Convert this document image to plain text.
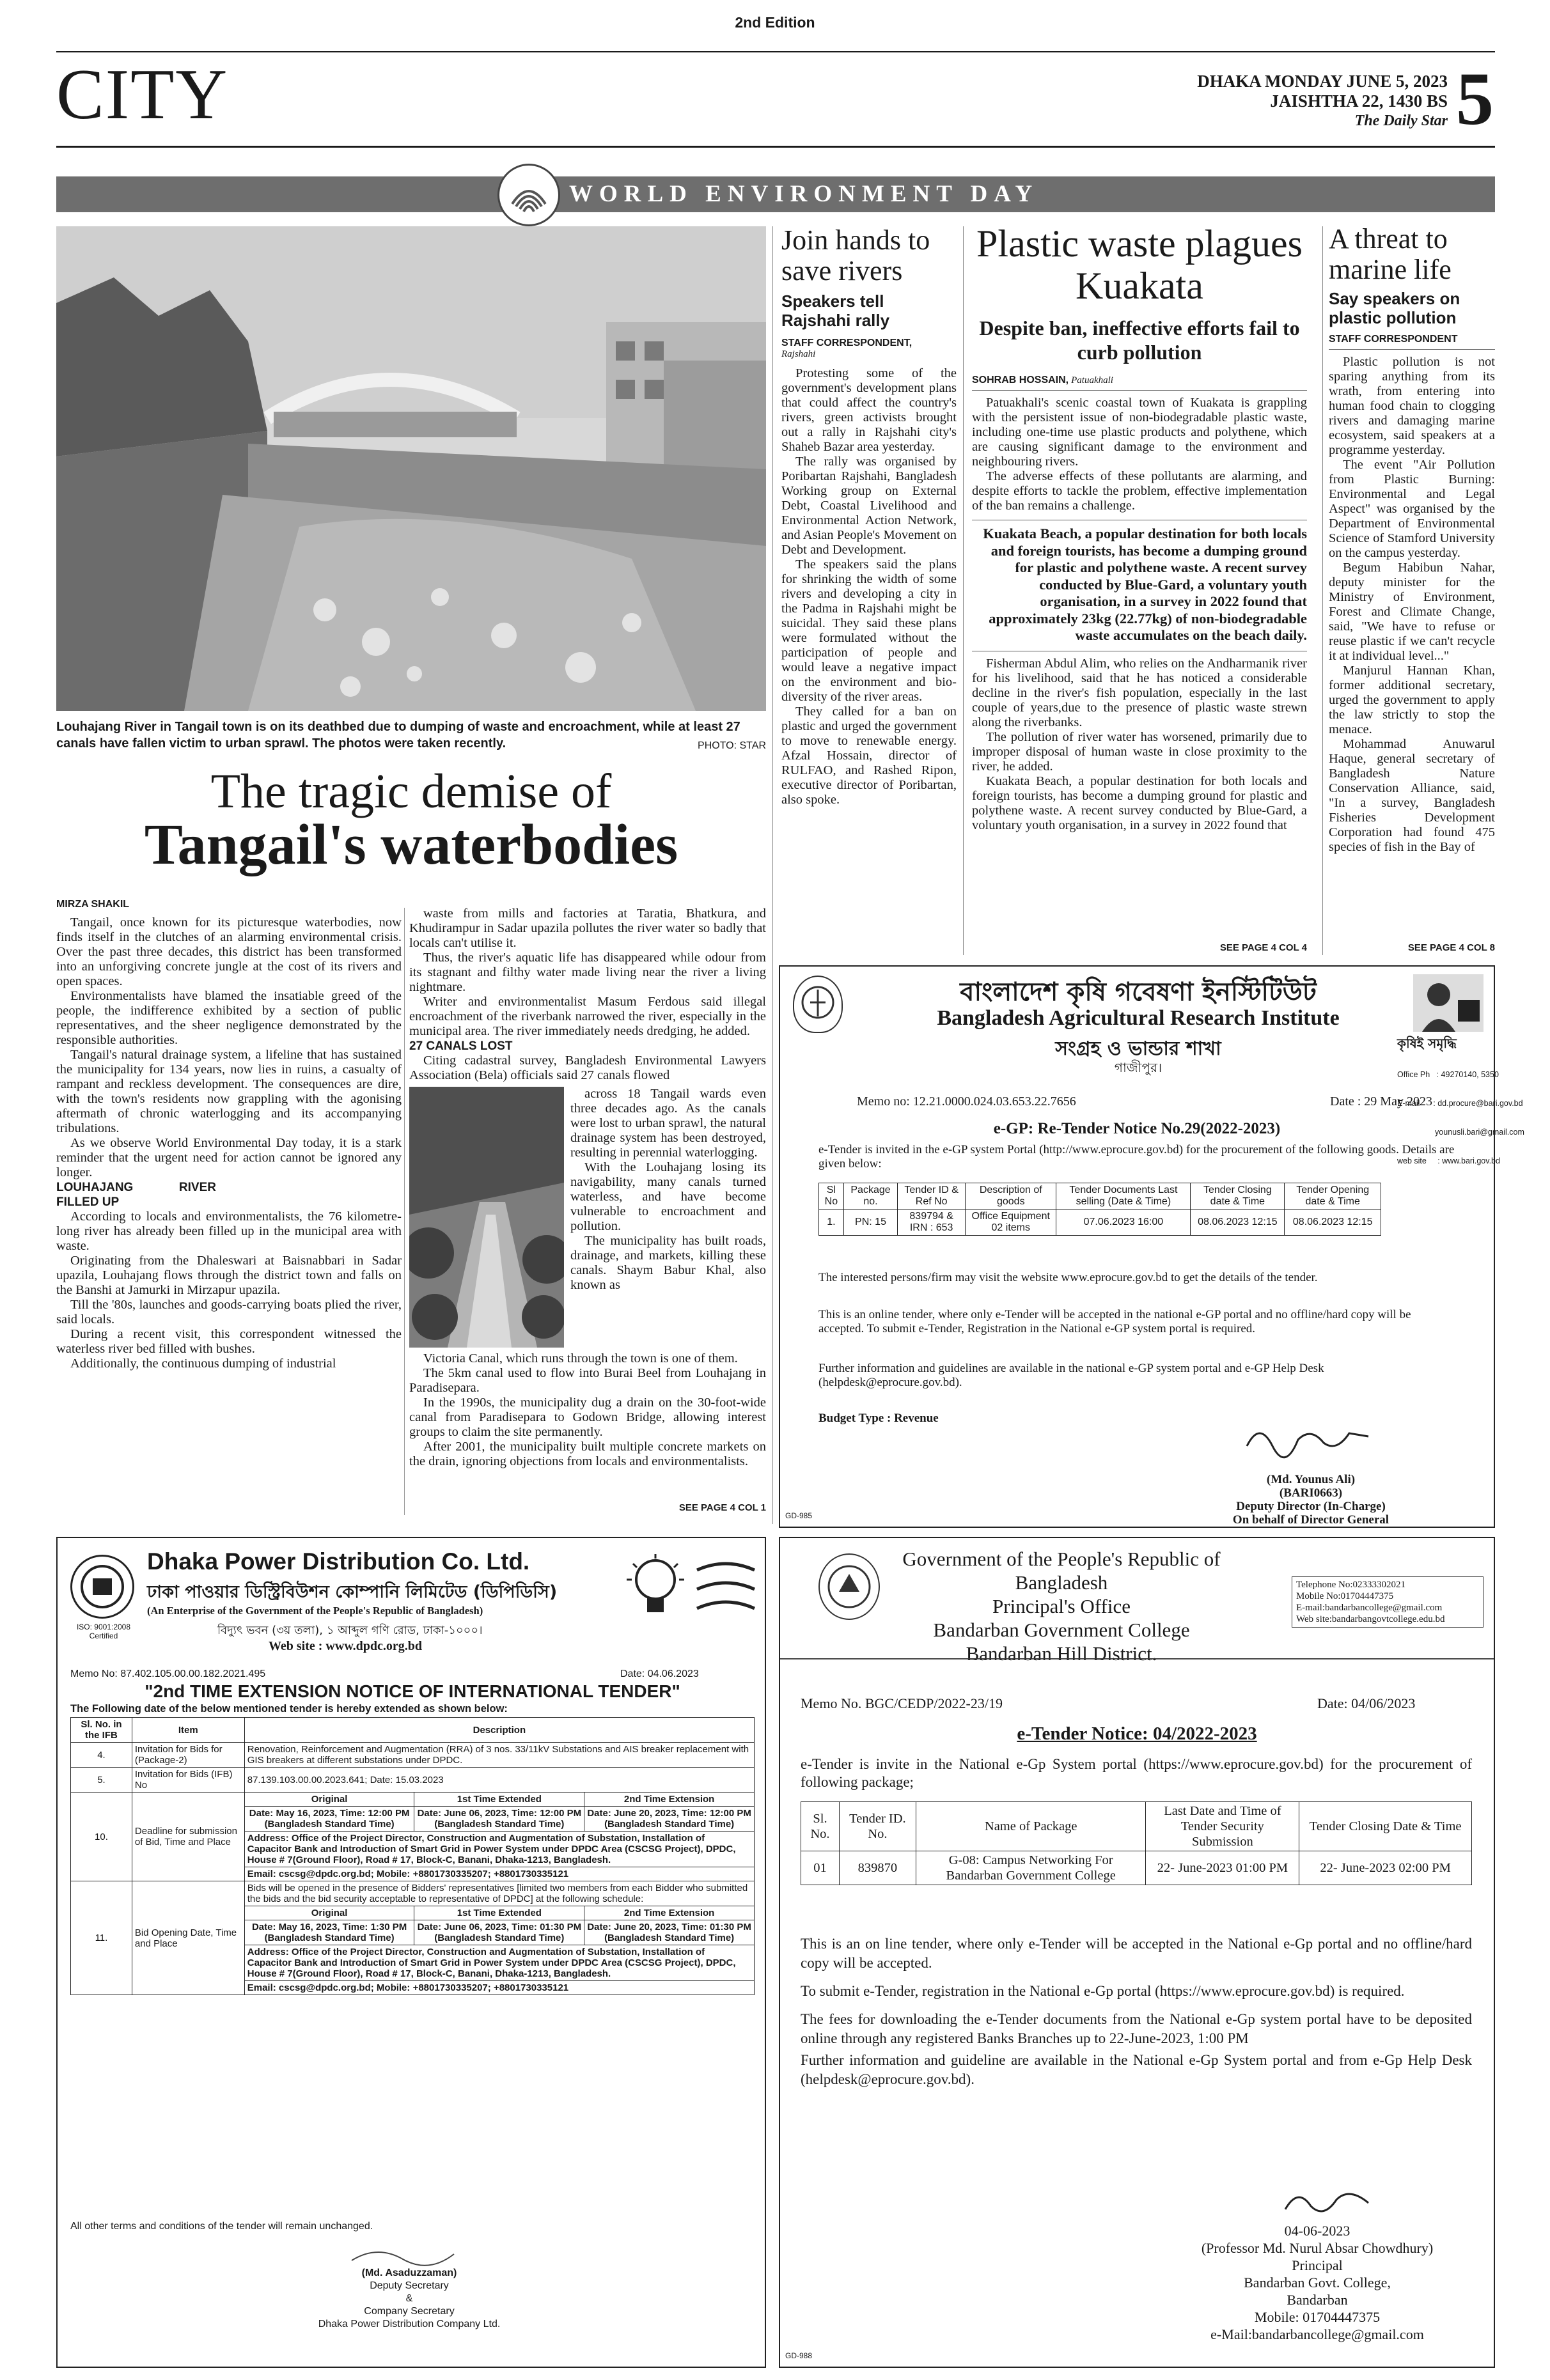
2nd Edition
CITY	DHAKA MONDAY JUNE 5, 2023
JAISHTHA 22, 1430 BS
The Daily Star 5
WORLD ENVIRONMENT DAY
Louhajang River in Tangail town is on its deathbed due to dumping of waste and encroachment, while at least 27 canals have fallen victim to urban sprawl. The photos were taken recently.	PHOTO: STAR
The tragic demise of
Tangail's waterbodies
MIRZA SHAKIL

Tangail, once known for its picturesque waterbodies, now finds itself in the clutches of an alarming environmental crisis. Over the past three decades, this district has been transformed into an unforgiving concrete jungle at the cost of its rivers and open spaces.

Environmentalists have blamed the insatiable greed of the people, the indifference exhibited by a section of public representatives, and the sheer negligence demonstrated by the responsible authorities.

Tangail's natural drainage system, a lifeline that has sustained the municipality for 134 years, now lies in ruins, a casualty of rampant and reckless development. The consequences are dire, with the town's residents now grappling with the agonising aftermath of chronic waterlogging and its accompanying tribulations.

As we observe World Environmental Day today, it is a stark reminder that the urgent need for action cannot be ignored any longer.

LOUHAJANG RIVER FILLED UP

According to locals and environmentalists, the 76 kilometre-long river has already been filled up in the municipal area with waste.

Originating from the Dhaleswari at Baisnabbari in Sadar upazila, Louhajang flows through the district town and falls on the Banshi at Jamurki in Mirzapur upazila.

Till the '80s, launches and goods-carrying boats plied the river, said locals.

During a recent visit, this correspondent witnessed the waterless river bed filled with bushes.

Additionally, the continuous dumping of industrial

waste from mills and factories at Taratia, Bhatkura, and Khudirampur in Sadar upazila pollutes the river water so badly that locals can't utilise it.

Thus, the river's aquatic life has disappeared while odour from its stagnant and filthy water made living near the river a living nightmare.

Writer and environmentalist Masum Ferdous said illegal encroachment of the riverbank narrowed the river, especially in the municipal area. The river immediately needs dredging, he added.

27 CANALS LOST

Citing cadastral survey, Bangladesh Environmental Lawyers Association (Bela) officials said 27 canals flowed

across 18 Tangail wards even three decades ago. As the canals were lost to urban sprawl, the natural drainage system has been destroyed, resulting in perennial waterlogging.

With the Louhajang losing its navigability, many canals turned waterless, and have become vulnerable to encroachment and pollution.

The municipality has built roads, drainage, and markets, killing these canals. Shaym Babur Khal, also known as

Victoria Canal, which runs through the town is one of them.

The 5km canal used to flow into Burai Beel from Louhajang in Paradisepara.

In the 1990s, the municipality dug a drain on the 30-foot-wide canal from Paradisepara to Godown Bridge, allowing interest groups to claim the site permanently.

After 2001, the municipality built multiple concrete markets on the drain, ignoring objections from locals and environmentalists.

SEE PAGE 4 COL 1
Join hands to save rivers
Speakers tell Rajshahi rally
STAFF CORRESPONDENT,
Rajshahi

Protesting some of the government's development plans that could affect the country's rivers, green activists brought out a rally in Rajshahi city's Shaheb Bazar area yesterday.

The rally was organised by Poribartan Rajshahi, Bangladesh Working group on External Debt, Coastal Livelihood and Environmental Action Network, and Asian People's Movement on Debt and Development.

The speakers said the plans for shrinking the width of some rivers and developing a city in the Padma in Rajshahi might be suicidal. They said these plans were formulated without the participation of people and would leave a negative impact on the environment and bio-diversity of the river areas.

They called for a ban on plastic and urged the government to move to renewable energy. Afzal Hossain, director of RULFAO, and Rashed Ripon, executive director of Poribartan, also spoke.

Plastic waste plagues Kuakata
Despite ban, ineffective efforts fail to curb pollution
SOHRAB HOSSAIN, Patuakhali

Patuakhali's scenic coastal town of Kuakata is grappling with the persistent issue of non-biodegradable plastic waste, including one-time use plastic products and polythene, which are causing significant damage to the environment and neighbouring rivers.

The adverse effects of these pollutants are alarming, and despite efforts to tackle the problem, effective implementation of the ban remains a challenge.

Kuakata Beach, a popular destination for both locals and foreign tourists, has become a dumping ground for plastic and polythene waste. A recent survey conducted by Blue-Gard, a voluntary youth organisation, in a survey in 2022 found that approximately 23kg (22.77kg) of non-biodegradable waste accumulates on the beach daily.

Fisherman Abdul Alim, who relies on the Andharmanik river for his livelihood, said that he has noticed a considerable decline in the river's fish population, especially in the last couple of years,due to the presence of plastic waste strewn along the riverbanks.

The pollution of river water has worsened, primarily due to improper disposal of human waste in close proximity to the river, he added.

Kuakata Beach, a popular destination for both locals and foreign tourists, has become a dumping ground for plastic and polythene waste. A recent survey conducted by Blue-Gard, a voluntary youth organisation, in a survey in 2022 found that

SEE PAGE 4 COL 4
A threat to marine life
Say speakers on plastic pollution
STAFF CORRESPONDENT

Plastic pollution is not sparing anything from its wrath, from entering into human food chain to clogging rivers and damaging marine ecosystem, said speakers at a programme yesterday.

The event "Air Pollution from Plastic Burning: Environmental and Legal Aspect" was organised by the Department of Environmental Science of Stamford University on the campus yesterday.

Begum Habibun Nahar, deputy minister for the Ministry of Environment, Forest and Climate Change, said, "We have to refuse or reuse plastic if we can't recycle it at individual level..."

Manjurul Hannan Khan, former additional secretary, urged the government to apply the law strictly to stop the menace.

Mohammad Anuwarul Haque, general secretary of Bangladesh Nature Conservation Alliance, said, "In a survey, Bangladesh Fisheries Development Corporation had found 475 species of fish in the Bay of

SEE PAGE 4 COL 8
বাংলাদেশ কৃষি গবেষণা ইনস্টিটিউট
Bangladesh Agricultural Research Institute
সংগ্রহ ও ভান্ডার শাখা
গাজীপুর।
কৃষিই সমৃদ্ধি

Office Ph   : 49270140, 5350

E-mail      : dd.procure@bari.gov.bd

younusli.bari@gmail.com

web site     : www.bari.gov.bd

Memo no: 12.21.0000.024.03.653.22.7656	Date : 29 May 2023
e-GP: Re-Tender Notice No.29(2022-2023)
e-Tender is invited in the e-GP system Portal (http://www.eprocure.gov.bd) for the procurement of the following goods. Details are given below:
Sl No	Package no.	Tender ID & Ref No	Description of goods	Tender Documents Last selling (Date & Time)	Tender Closing date & Time	Tender Opening date & Time
1.	PN: 15	839794 & IRN : 653	Office Equipment 02 items	07.06.2023 16:00	08.06.2023 12:15	08.06.2023 12:15
The interested persons/firm may visit the website www.eprocure.gov.bd to get the details of the tender.
This is an online tender, where only e-Tender will be accepted in the national e-GP portal and no offline/hard copy will be accepted. To submit e-Tender, Registration in the National e-GP system portal is required.
Further information and guidelines are available in the national e-GP system portal and e-GP Help Desk (helpdesk@eprocure.gov.bd).
Budget Type : Revenue
(Md. Younus Ali)
(BARI0663)
Deputy Director (In-Charge)
On behalf of Director General
GD-985
ISO: 9001:2008 Certified
Dhaka Power Distribution Co. Ltd.
ঢাকা পাওয়ার ডিস্ট্রিবিউশন কোম্পানি লিমিটেড (ডিপিডিসি)
(An Enterprise of the Government of the People's Republic of Bangladesh)
বিদ্যুৎ ভবন (৩য় তলা), ১ আব্দুল গণি রোড, ঢাকা-১০০০।
Web site : www.dpdc.org.bd
Memo No: 87.402.105.00.00.182.2021.495	Date: 04.06.2023
"2nd TIME EXTENSION NOTICE OF INTERNATIONAL TENDER"
The Following date of the below mentioned tender is hereby extended as shown below:
Sl. No. in the IFB	Item	Description		
4.	Invitation for Bids for (Package-2)	Renovation, Reinforcement and Augmentation (RRA) of 3 nos. 33/11kV Substations and AIS breaker replacement with GIS breakers at different substations under DPDC.		
5.	Invitation for Bids (IFB) No	87.139.103.00.00.2023.641; Date: 15.03.2023		
10.	Deadline for submission of Bid, Time and Place	Original	1st Time Extended	2nd Time Extension
		Date: May 16, 2023, Time: 12:00 PM (Bangladesh Standard Time)	Date: June 06, 2023, Time: 12:00 PM (Bangladesh Standard Time)	Date: June 20, 2023, Time: 12:00 PM (Bangladesh Standard Time)
		Address: Office of the Project Director, Construction and Augmentation of Substation, Installation of Capacitor Bank and Introduction of Smart Grid in Power System under DPDC Area (CSCSG Project), DPDC, House # 7(Ground Floor), Road # 17, Block-C, Banani, Dhaka-1213, Bangladesh.		
		Email: cscsg@dpdc.org.bd; Mobile: +8801730335207; +8801730335121		
11.	Bid Opening Date, Time and Place	Bids will be opened in the presence of Bidders' representatives [limited two members from each Bidder who submitted the bids and the bid security acceptable to representative of DPDC] at the following schedule:		
		Original	1st Time Extended	2nd Time Extension
		Date: May 16, 2023, Time: 1:30 PM (Bangladesh Standard Time)	Date: June 06, 2023, Time: 01:30 PM (Bangladesh Standard Time)	Date: June 20, 2023, Time: 01:30 PM (Bangladesh Standard Time)
		Address: Office of the Project Director, Construction and Augmentation of Substation, Installation of Capacitor Bank and Introduction of Smart Grid in Power System under DPDC Area (CSCSG Project), DPDC, House # 7(Ground Floor), Road # 17, Block-C, Banani, Dhaka-1213, Bangladesh.		
		Email: cscsg@dpdc.org.bd; Mobile: +8801730335207; +8801730335121		
All other terms and conditions of the tender will remain unchanged.
(Md. Asaduzzaman)
Deputy Secretary
&
Company Secretary
Dhaka Power Distribution Company Ltd.
Government of the People's Republic of Bangladesh
Principal's Office
Bandarban Government College
Bandarban Hill District.
Telephone No:02333302021
Mobile No:01704447375
E-mail:bandarbancollege@gmail.com
Web site:bandarbangovtcollege.edu.bd
Memo No. BGC/CEDP/2022-23/19	Date: 04/06/2023
e-Tender Notice: 04/2022-2023
e-Tender is invite in the National e-Gp System portal (https://www.eprocure.gov.bd) for the procurement of following package;
Sl. No.	Tender ID. No.	Name of Package	Last Date and Time of Tender Security Submission	Tender Closing Date & Time
01	839870	G-08: Campus Networking For Bandarban Government College	22- June-2023 01:00 PM	22- June-2023 02:00 PM

This is an on line tender, where only e-Tender will be accepted in the National e-Gp portal and no offline/hard copy will be accepted.

To submit e-Tender, registration in the National e-Gp portal (https://www.eprocure.gov.bd) is required.

The fees for downloading the e-Tender documents from the National e-Gp system portal have to be deposited online through any registered Banks Branches up to 22-June-2023, 1:00 PM

Further information and guideline are available in the National e-Gp System portal and from e-Gp Help Desk (helpdesk@eprocure.gov.bd).

04-06-2023
(Professor Md. Nurul Absar Chowdhury)
Principal
Bandarban Govt. College,
Bandarban
Mobile: 01704447375
e-Mail:bandarbancollege@gmail.com
GD-988
